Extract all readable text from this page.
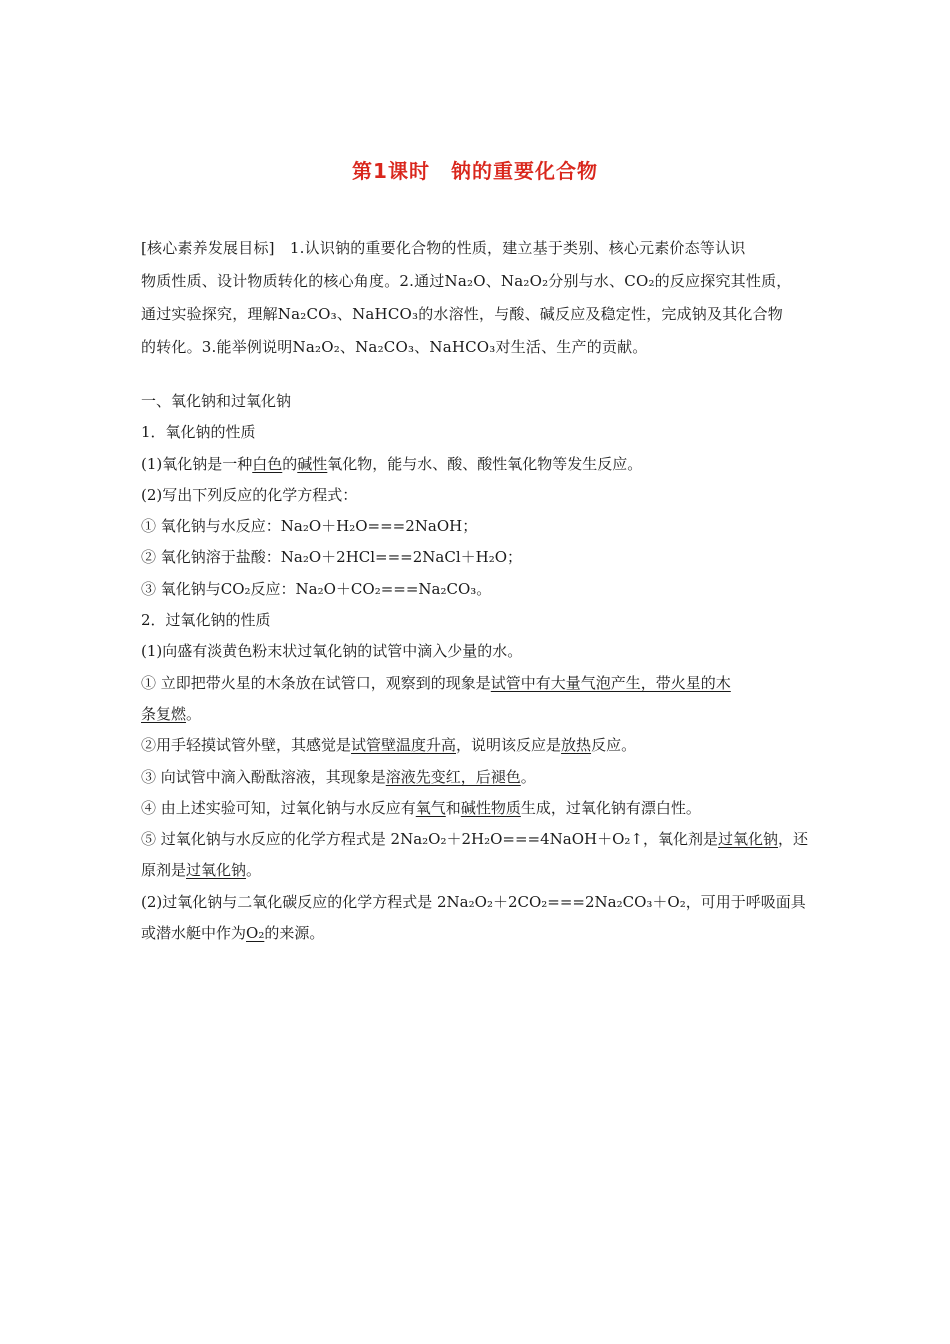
第1课时　钠的重要化合物
[核心素养发展目标]　1.认识钠的重要化合物的性质，建立基于类别、核心元素价态等认识
物质性质、设计物质转化的核心角度。2.通过Na₂O、Na₂O₂分别与水、CO₂的反应探究其性质，
通过实验探究，理解Na₂CO₃、NaHCO₃的水溶性，与酸、碱反应及稳定性，完成钠及其化合物
的转化。3.能举例说明Na₂O₂、Na₂CO₃、NaHCO₃对生活、生产的贡献。
一、氧化钠和过氧化钠
1．氧化钠的性质
(1)氧化钠是一种白色的碱性氧化物，能与水、酸、酸性氧化物等发生反应。
(2)写出下列反应的化学方程式：
① 氧化钠与水反应：Na₂O＋H₂O===2NaOH；
② 氧化钠溶于盐酸：Na₂O＋2HCl===2NaCl＋H₂O；
③ 氧化钠与CO₂反应：Na₂O＋CO₂===Na₂CO₃。
2．过氧化钠的性质
(1)向盛有淡黄色粉末状过氧化钠的试管中滴入少量的水。
① 立即把带火星的木条放在试管口，观察到的现象是试管中有大量气泡产生，带火星的木
条复燃。
②用手轻摸试管外壁，其感觉是试管壁温度升高，说明该反应是放热反应。
③ 向试管中滴入酚酞溶液，其现象是溶液先变红，后褪色。
④ 由上述实验可知，过氧化钠与水反应有氧气和碱性物质生成，过氧化钠有漂白性。
⑤ 过氧化钠与水反应的化学方程式是 2Na₂O₂＋2H₂O===4NaOH＋O₂↑，氧化剂是过氧化钠，还
原剂是过氧化钠。
(2)过氧化钠与二氧化碳反应的化学方程式是 2Na₂O₂＋2CO₂===2Na₂CO₃＋O₂，可用于呼吸面具
或潜水艇中作为O₂的来源。
